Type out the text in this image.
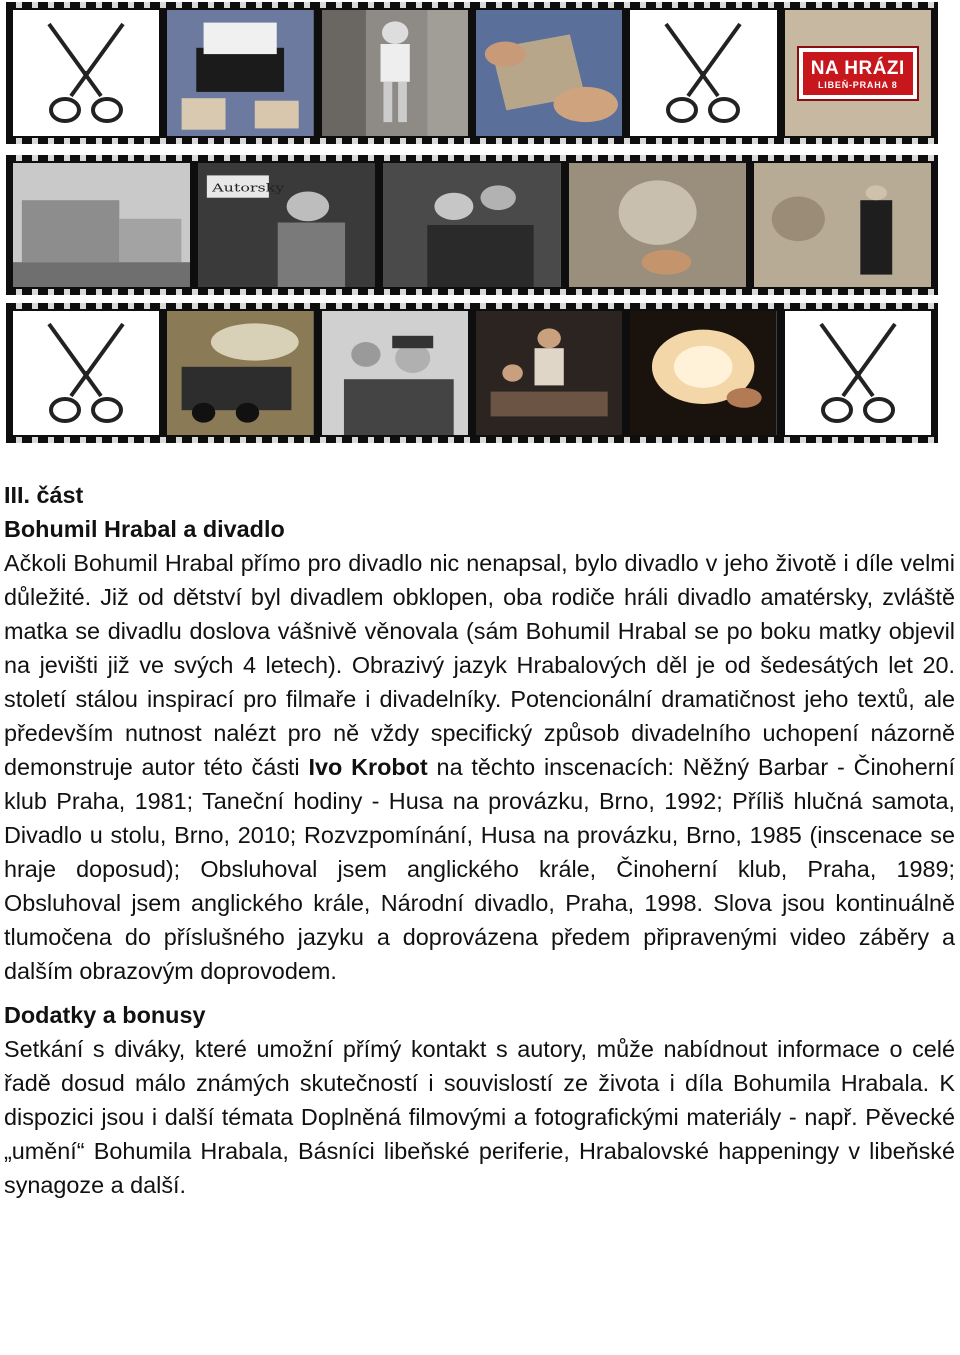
NA HRÁZI
LIBEŇ-PRAHA 8
Autorsky
III. část
Bohumil Hrabal a divadlo

Ačkoli Bohumil Hrabal přímo pro divadlo nic nenapsal, bylo divadlo v jeho životě i díle velmi důležité. Již od dětství byl divadlem obklopen, oba rodiče hráli divadlo amatérsky, zvláště matka se divadlu doslova vášnivě věnovala (sám Bohumil Hrabal se po boku matky objevil na jevišti již ve svých 4 letech). Obrazivý jazyk Hrabalových děl je od šedesátých let 20. století stálou inspirací pro filmaře i divadelníky. Potencionální dramatičnost jeho textů, ale především nutnost nalézt pro ně vždy specifický způsob divadelního uchopení názorně demonstruje autor této části Ivo Krobot na těchto inscenacích: Něžný Barbar - Činoherní klub Praha, 1981; Taneční hodiny - Husa na provázku, Brno, 1992; Příliš hlučná samota, Divadlo u stolu, Brno, 2010; Rozvzpomínání, Husa na provázku, Brno, 1985 (inscenace se hraje doposud); Obsluhoval jsem anglického krále, Činoherní klub, Praha, 1989; Obsluhoval jsem anglického krále, Národní divadlo, Praha, 1998. Slova jsou kontinuálně tlumočena do příslušného jazyku a doprovázena předem připravenými video záběry a dalším obrazovým doprovodem.

Dodatky a bonusy

Setkání s diváky, které umožní přímý kontakt s autory, může nabídnout informace o celé řadě dosud málo známých skutečností i souvislostí ze života i díla Bohumila Hrabala. K dispozici jsou i další témata Doplněná filmovými a fotografickými materiály - např. Pěvecké „umění“ Bohumila Hrabala, Básníci libeňské periferie, Hrabalovské happeningy v libeňské synagoze a další.
